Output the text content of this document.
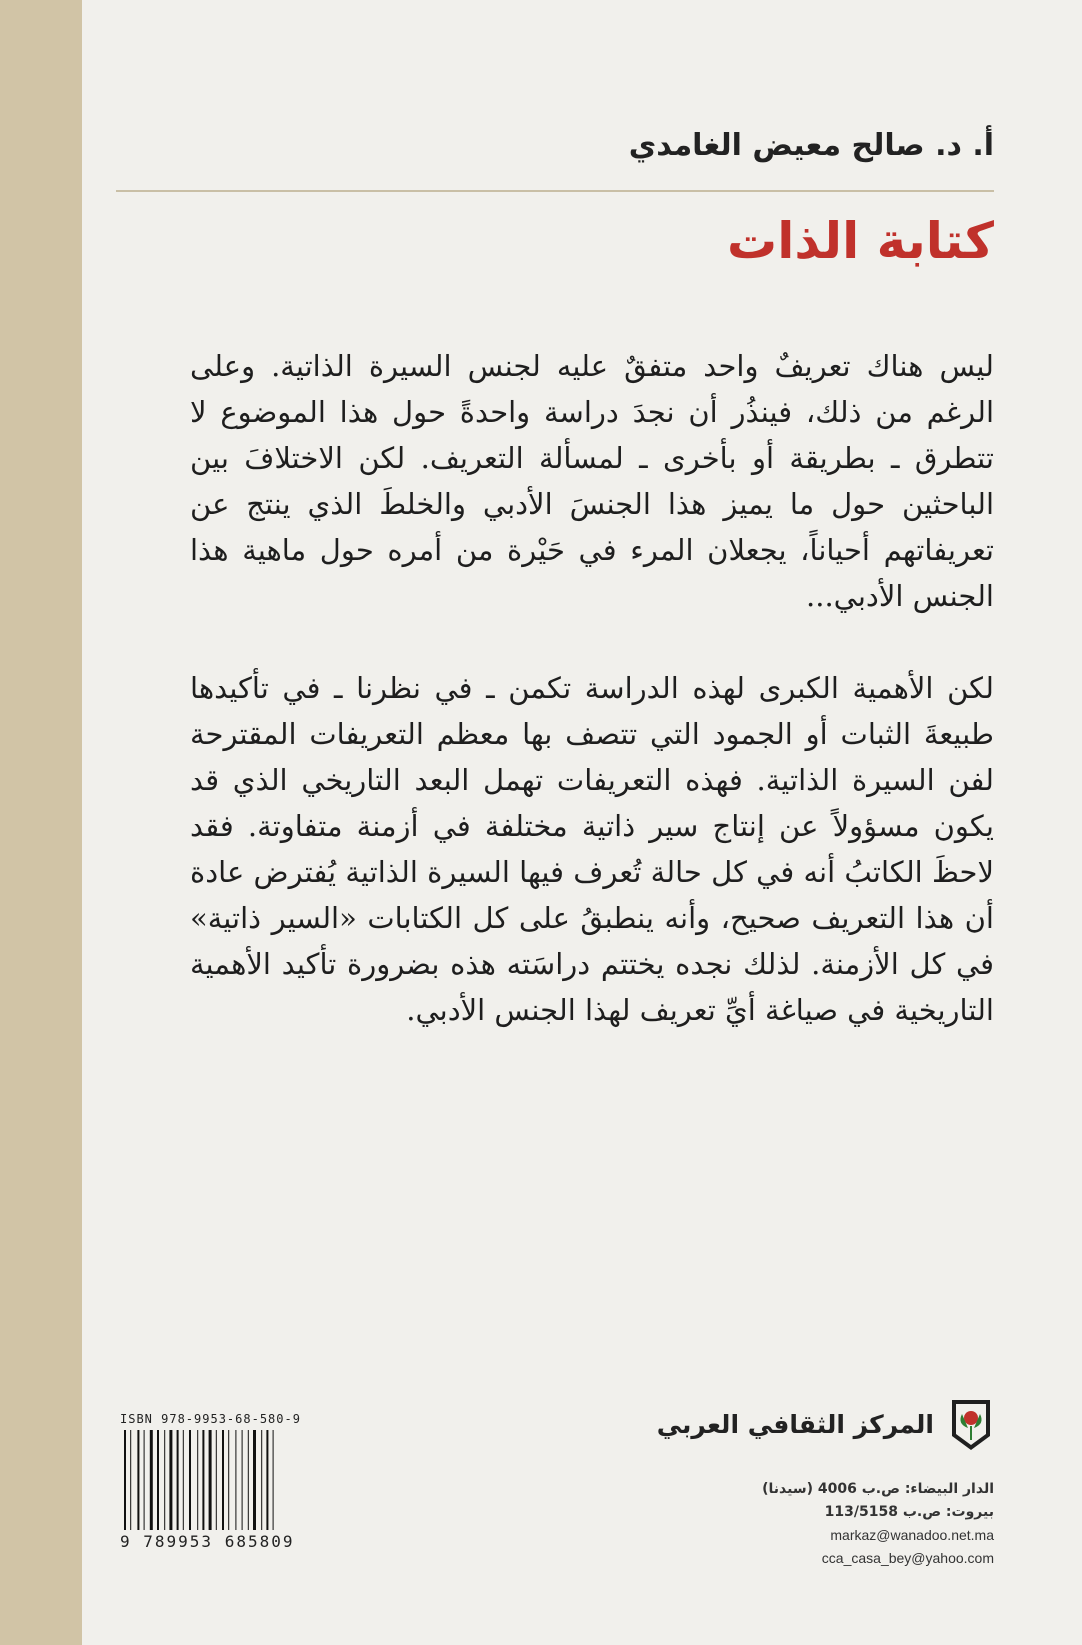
أ. د. صالح معيض الغامدي
كتابة الذات

ليس هناك تعريفٌ واحد متفقٌ عليه لجنس السيرة الذاتية. وعلى الرغم من ذلك، فينذُر أن نجدَ دراسة واحدةً حول هذا الموضوع لا تتطرق ـ بطريقة أو بأخرى ـ لمسألة التعريف. لكن الاختلافَ بين الباحثين حول ما يميز هذا الجنسَ الأدبي والخلطَ الذي ينتج عن تعريفاتهم أحياناً، يجعلان المرء في حَيْرة من أمره حول ماهية هذا الجنس الأدبي...

لكن الأهمية الكبرى لهذه الدراسة تكمن ـ في نظرنا ـ في تأكيدها طبيعةَ الثبات أو الجمود التي تتصف بها معظم التعريفات المقترحة لفن السيرة الذاتية. فهذه التعريفات تهمل البعد التاريخي الذي قد يكون مسؤولاً عن إنتاج سير ذاتية مختلفة في أزمنة متفاوتة. فقد لاحظَ الكاتبُ أنه في كل حالة تُعرف فيها السيرة الذاتية يُفترض عادة أن هذا التعريف صحيح، وأنه ينطبقُ على كل الكتابات «السير ذاتية» في كل الأزمنة. لذلك نجده يختتم دراسَته هذه بضرورة تأكيد الأهمية التاريخية في صياغة أيِّ تعريف لهذا الجنس الأدبي.

ISBN 978-9953-68-580-9
9 789953 685809
المركز الثقافي العربي
الدار البيضاء: ص.ب 4006 (سيدنا)
بيروت: ص.ب 113/5158
markaz@wanadoo.net.ma
cca_casa_bey@yahoo.com
